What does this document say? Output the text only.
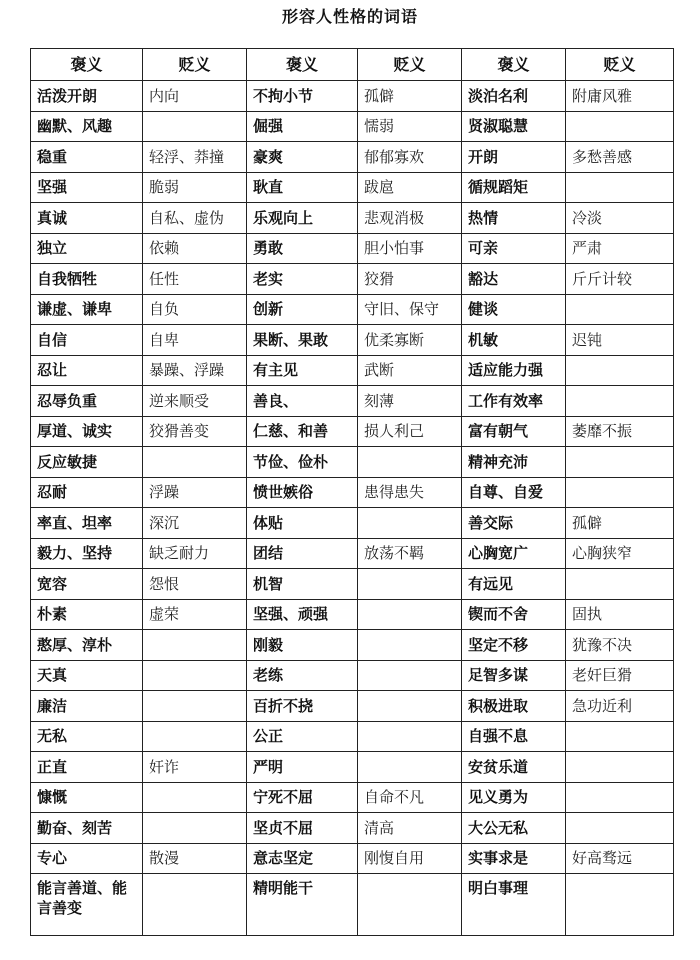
形容人性格的词语
褒义	贬义	褒义	贬义	褒义	贬义
活泼开朗	内向	不拘小节	孤僻	淡泊名利	附庸风雅
幽默、风趣		倔强	懦弱	贤淑聪慧	
稳重	轻浮、莽撞	豪爽	郁郁寡欢	开朗	多愁善感
坚强	脆弱	耿直	跋扈	循规蹈矩	
真诚	自私、虚伪	乐观向上	悲观消极	热情	冷淡
独立	依赖	勇敢	胆小怕事	可亲	严肃
自我牺牲	任性	老实	狡猾	豁达	斤斤计较
谦虚、谦卑	自负	创新	守旧、保守	健谈	
自信	自卑	果断、果敢	优柔寡断	机敏	迟钝
忍让	暴躁、浮躁	有主见	武断	适应能力强	
忍辱负重	逆来顺受	善良、	刻薄	工作有效率	
厚道、诚实	狡猾善变	仁慈、和善	损人利己	富有朝气	萎靡不振
反应敏捷		节俭、俭朴		精神充沛	
忍耐	浮躁	愤世嫉俗	患得患失	自尊、自爱	
率直、坦率	深沉	体贴		善交际	孤僻
毅力、坚持	缺乏耐力	团结	放荡不羁	心胸宽广	心胸狭窄
宽容	怨恨	机智		有远见	
朴素	虚荣	坚强、顽强		锲而不舍	固执
憨厚、淳朴		刚毅		坚定不移	犹豫不决
天真		老练		足智多谋	老奸巨猾
廉洁		百折不挠		积极进取	急功近利
无私		公正		自强不息	
正直	奸诈	严明		安贫乐道	
慷慨		宁死不屈	自命不凡	见义勇为	
勤奋、刻苦		坚贞不屈	清高	大公无私	
专心	散漫	意志坚定	刚愎自用	实事求是	好高骛远
能言善道、能言善变		精明能干		明白事理	
